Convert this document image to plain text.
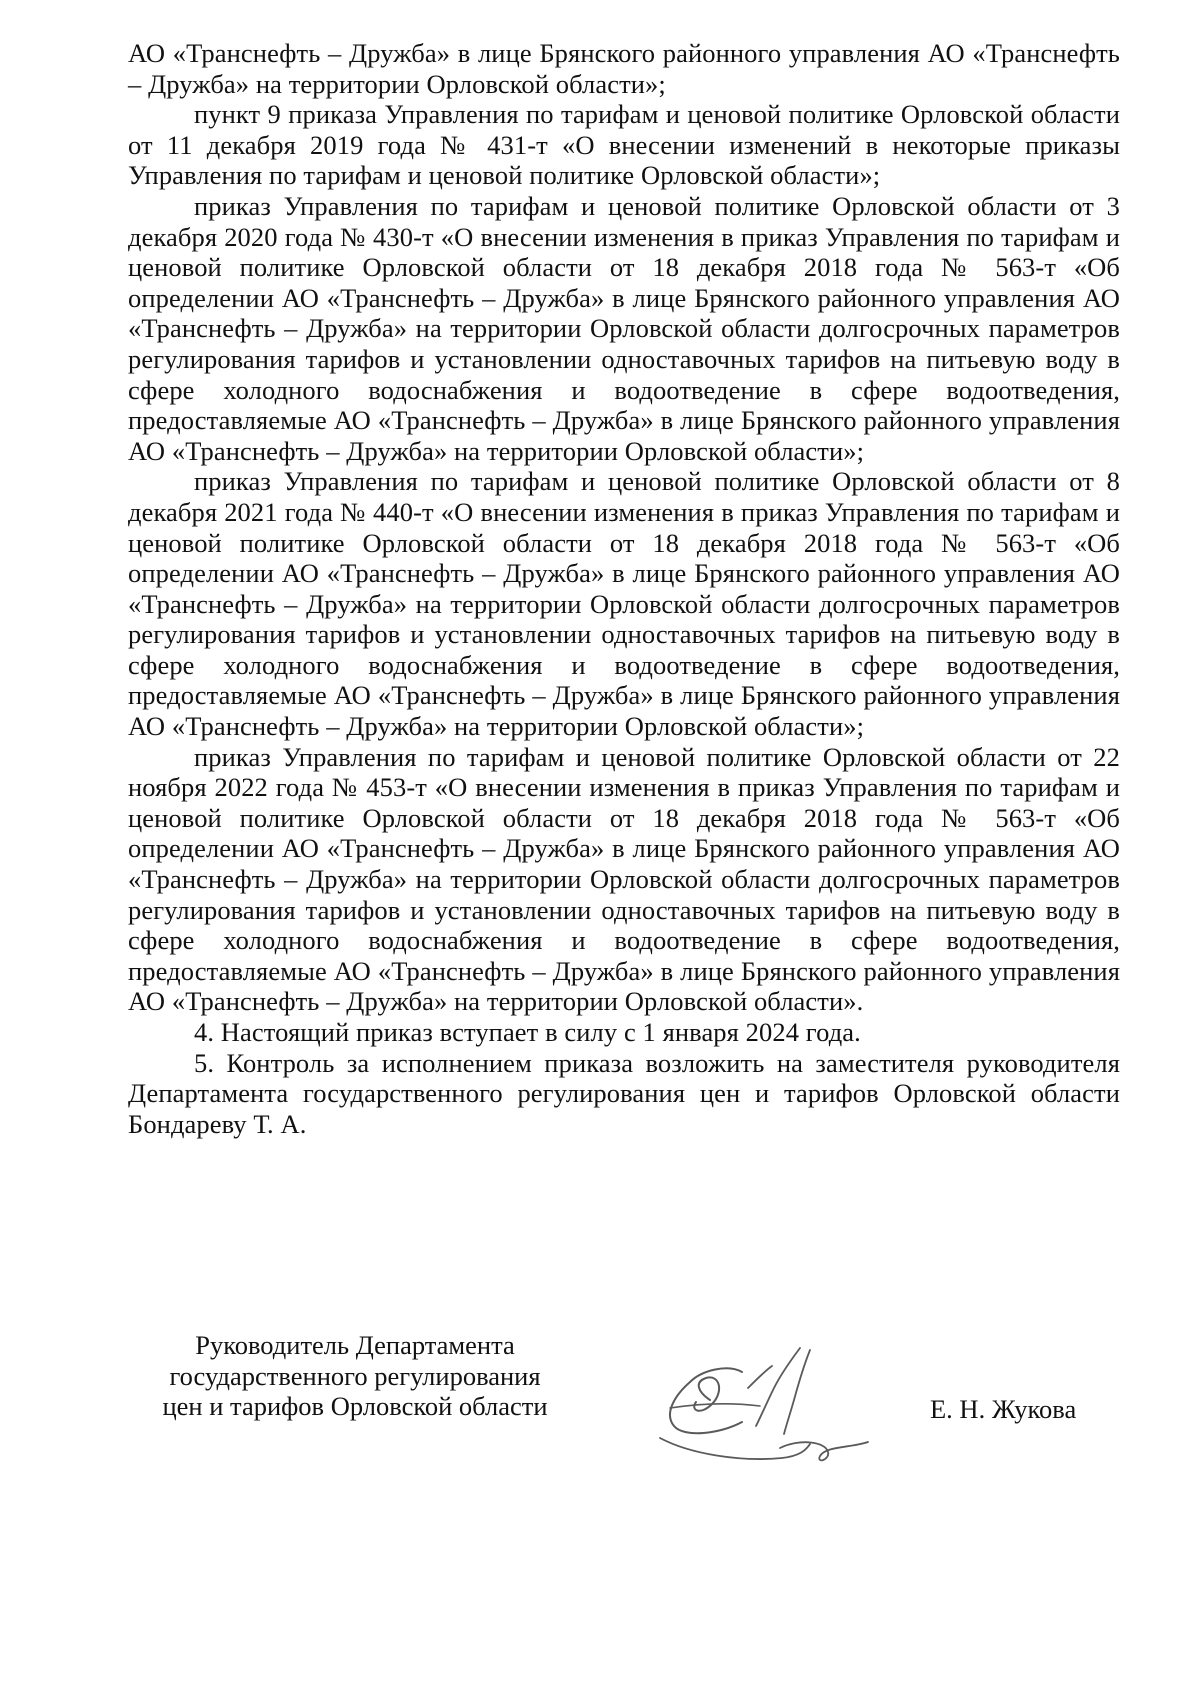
АО «Транснефть – Дружба» в лице Брянского районного управления АО «Транснефть – Дружба» на территории Орловской области»;

пункт 9 приказа Управления по тарифам и ценовой политике Орловской области от 11 декабря 2019 года № 431-т «О внесении изменений в некоторые приказы Управления по тарифам и ценовой политике Орловской области»;

приказ Управления по тарифам и ценовой политике Орловской области от 3 декабря 2020 года № 430-т «О внесении изменения в приказ Управления по тарифам и ценовой политике Орловской области от 18 декабря 2018 года № 563-т «Об определении АО «Транснефть – Дружба» в лице Брянского районного управления АО «Транснефть – Дружба» на территории Орловской области долгосрочных параметров регулирования тарифов и установлении одноставочных тарифов на питьевую воду в сфере холодного водоснабжения и водоотведение в сфере водоотведения, предоставляемые АО «Транснефть – Дружба» в лице Брянского районного управления АО «Транснефть – Дружба» на территории Орловской области»;

приказ Управления по тарифам и ценовой политике Орловской области от 8 декабря 2021 года № 440-т «О внесении изменения в приказ Управления по тарифам и ценовой политике Орловской области от 18 декабря 2018 года № 563-т «Об определении АО «Транснефть – Дружба» в лице Брянского районного управления АО «Транснефть – Дружба» на территории Орловской области долгосрочных параметров регулирования тарифов и установлении одноставочных тарифов на питьевую воду в сфере холодного водоснабжения и водоотведение в сфере водоотведения, предоставляемые АО «Транснефть – Дружба» в лице Брянского районного управления АО «Транснефть – Дружба» на территории Орловской области»;

приказ Управления по тарифам и ценовой политике Орловской области от 22 ноября 2022 года № 453-т «О внесении изменения в приказ Управления по тарифам и ценовой политике Орловской области от 18 декабря 2018 года № 563-т «Об определении АО «Транснефть – Дружба» в лице Брянского районного управления АО «Транснефть – Дружба» на территории Орловской области долгосрочных параметров регулирования тарифов и установлении одноставочных тарифов на питьевую воду в сфере холодного водоснабжения и водоотведение в сфере водоотведения, предоставляемые АО «Транснефть – Дружба» в лице Брянского районного управления АО «Транснефть – Дружба» на территории Орловской области».

4. Настоящий приказ вступает в силу с 1 января 2024 года.

5. Контроль за исполнением приказа возложить на заместителя руководителя Департамента государственного регулирования цен и тарифов Орловской области Бондареву Т. А.

Руководитель Департамента
государственного регулирования
цен и тарифов Орловской области	Е. Н. Жукова
